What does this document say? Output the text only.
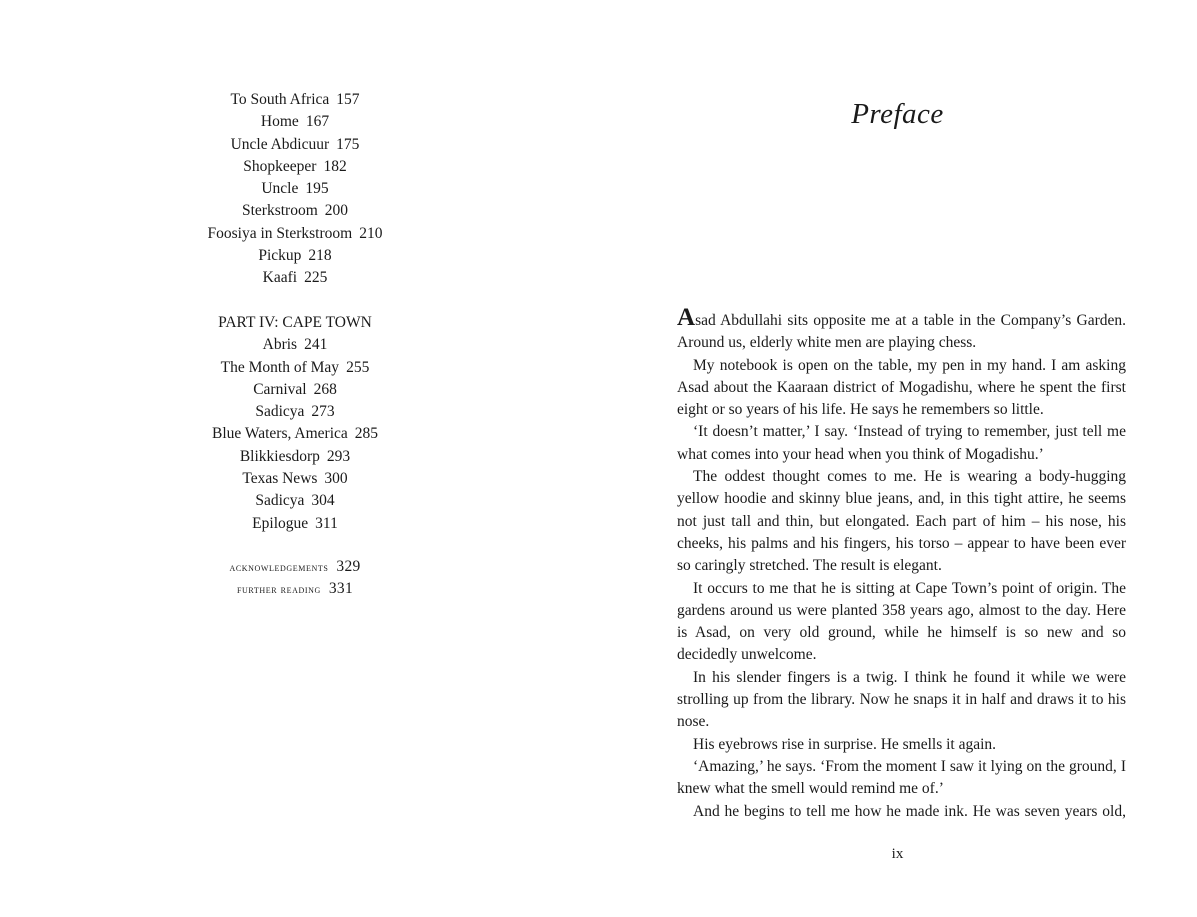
To South Africa 157
Home 167
Uncle Abdicuur 175
Shopkeeper 182
Uncle 195
Sterkstroom 200
Foosiya in Sterkstroom 210
Pickup 218
Kaafi 225
PART IV: CAPE TOWN
Abris 241
The Month of May 255
Carnival 268
Sadicya 273
Blue Waters, America 285
Blikkiesdorp 293
Texas News 300
Sadicya 304
Epilogue 311
acknowledgements 329
further reading 331
Preface

Asad Abdullahi sits opposite me at a table in the Company’s Garden. Around us, elderly white men are playing chess.

My notebook is open on the table, my pen in my hand. I am asking Asad about the Kaaraan district of Mogadishu, where he spent the first eight or so years of his life. He says he remembers so little.

‘It doesn’t matter,’ I say. ‘Instead of trying to remember, just tell me what comes into your head when you think of Mogadishu.’

The oddest thought comes to me. He is wearing a body-hugging yellow hoodie and skinny blue jeans, and, in this tight attire, he seems not just tall and thin, but elongated. Each part of him – his nose, his cheeks, his palms and his fingers, his torso – appear to have been ever so caringly stretched. The result is elegant.

It occurs to me that he is sitting at Cape Town’s point of origin. The gardens around us were planted 358 years ago, almost to the day. Here is Asad, on very old ground, while he himself is so new and so decidedly unwelcome.

In his slender fingers is a twig. I think he found it while we were strolling up from the library. Now he snaps it in half and draws it to his nose.

His eyebrows rise in surprise. He smells it again.

‘Amazing,’ he says. ‘From the moment I saw it lying on the ground, I knew what the smell would remind me of.’

And he begins to tell me how he made ink. He was seven years old,

ix
